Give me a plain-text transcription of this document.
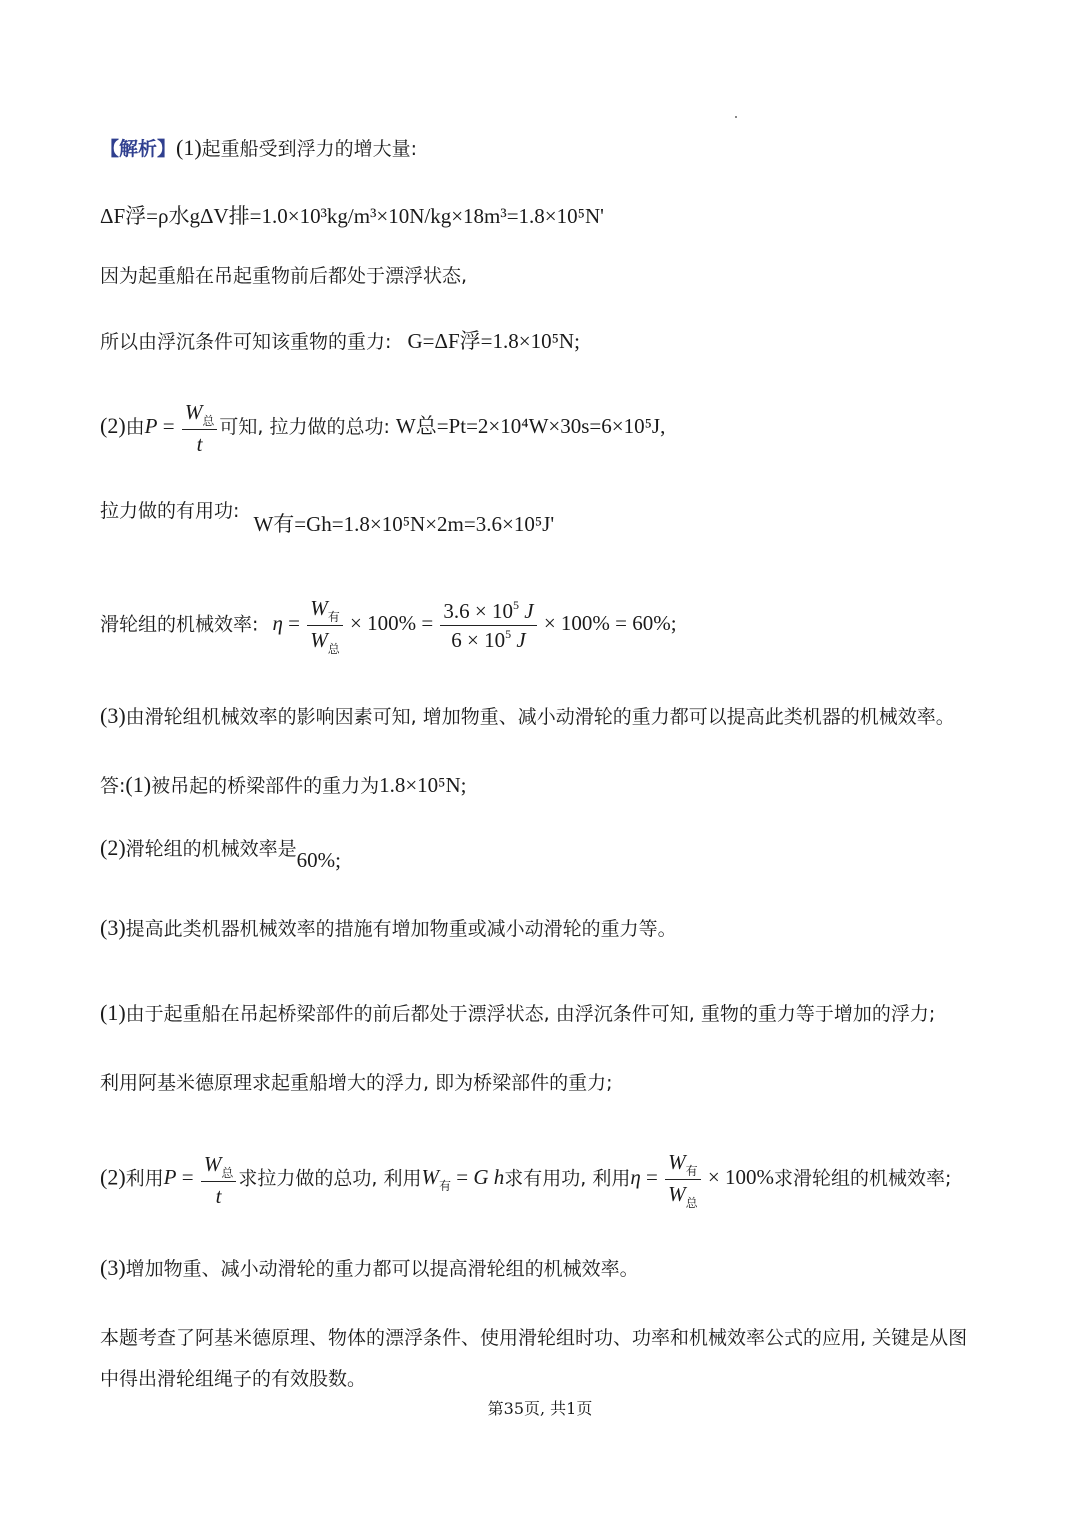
【解析】(1)起重船受到浮力的增大量:
ΔF浮=ρ水gΔV排=1.0×10³kg/m³×10N/kg×18m³=1.8×10⁵N'
因为起重船在吊起重物前后都处于漂浮状态,
所以由浮沉条件可知该重物的重力: G=ΔF浮=1.8×10⁵N;
(2)由$P = \frac{W_总}{t}$ 可知, 拉力做的总功: W总=Pt=2×10⁴W×30s=6×10⁵J,
拉力做的有用功: W有=Gh=1.8×10⁵N×2m=3.6×10⁵J'
滑轮组的机械效率: $\eta = \frac{W_有}{W_总} \times 100\% = \frac{3.6 \times 10^5 J}{6 \times 10^5 J} \times 100\% = 60\%$;
(3)由滑轮组机械效率的影响因素可知, 增加物重、减小动滑轮的重力都可以提高此类机器的机械效率。
答:(1)被吊起的桥梁部件的重力为1.8×10⁵N;
(2)滑轮组的机械效率是60%;
(3)提高此类机器机械效率的措施有增加物重或减小动滑轮的重力等。
(1)由于起重船在吊起桥梁部件的前后都处于漂浮状态, 由浮沉条件可知, 重物的重力等于增加的浮力;
利用阿基米德原理求起重船增大的浮力, 即为桥梁部件的重力;
(2)利用$P = \frac{W_总}{t}$ 求拉力做的总功, 利用$W_有 = G$ h求有用功, 利用$\eta = \frac{W_有}{W_总} \times 100\%$求滑轮组的机械效率;
(3)增加物重、减小动滑轮的重力都可以提高滑轮组的机械效率。
本题考查了阿基米德原理、物体的漂浮条件、使用滑轮组时功、功率和机械效率公式的应用, 关键是从图
中得出滑轮组绳子的有效股数。
第35页, 共1页
